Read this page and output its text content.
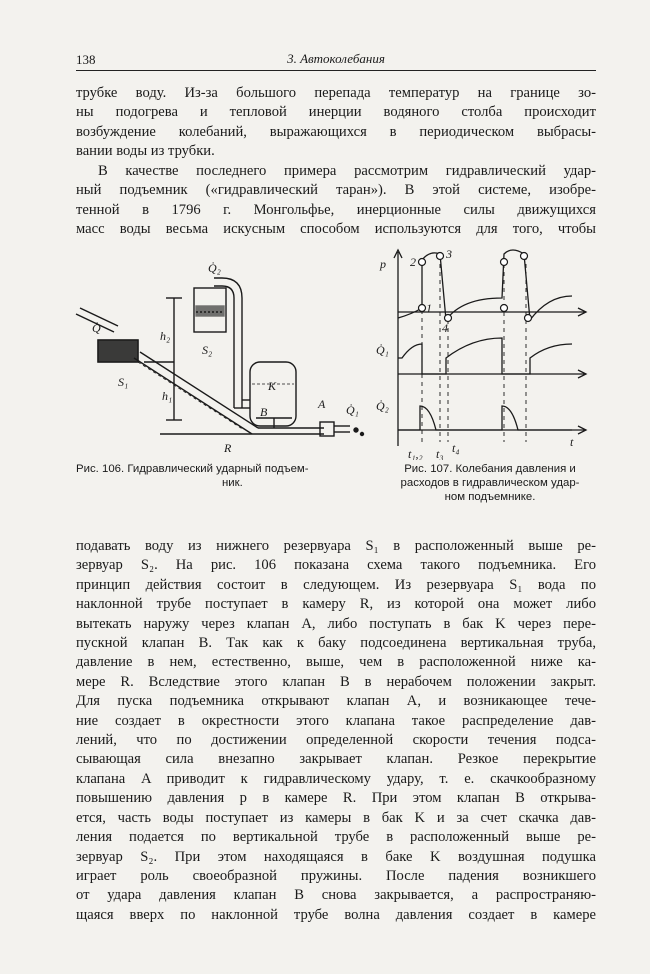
138	3. Автоколебания
трубке воду. Из-за большого перепада температур на границе зо-
ны подогрева и тепловой инерции водяного столба происходит
возбуждение колебаний, выражающихся в периодическом выбрасы-
вании воды из трубки.
В качестве последнего примера рассмотрим гидравлический удар-
ный подъемник («гидравлический таран»). В этой системе, изобре-
тенной в 1796 г. Монгольфье, инерционные силы движущихся
масс воды весьма искусным способом используются для того, чтобы
Q̇₂
Q̇
S₁
S₂
h₁
h₂
K
B
A
R
Q̇₁
p
Q̇₁
Q̇₂
t
1
2
3
4
t₁,₂ t₃ t₄
Рис. 106. Гидравлический ударный подъем-
ник.
Рис. 107. Колебания давления и
расходов в гидравлическом удар-
ном подъемнике.
подавать воду из нижнего резервуара S₁ в расположенный выше ре-
зервуар S₂. На рис. 106 показана схема такого подъемника. Его
принцип действия состоит в следующем. Из резервуара S₁ вода по
наклонной трубе поступает в камеру R, из которой она может либо
вытекать наружу через клапан A, либо поступать в бак K через пере-
пускной клапан B. Так как к баку подсоединена вертикальная труба,
давление в нем, естественно, выше, чем в расположенной ниже ка-
мере R. Вследствие этого клапан B в нерабочем положении закрыт.
Для пуска подъемника открывают клапан A, и возникающее тече-
ние создает в окрестности этого клапана такое распределение дав-
лений, что по достижении определенной скорости течения подса-
сывающая сила внезапно закрывает клапан. Резкое перекрытие
клапана A приводит к гидравлическому удару, т. е. скачкообразному
повышению давления p в камере R. При этом клапан B открыва-
ется, часть воды поступает из камеры в бак K и за счет скачка дав-
ления подается по вертикальной трубе в расположенный выше ре-
зервуар S₂. При этом находящаяся в баке K воздушная подушка
играет роль своеобразной пружины. После падения возникшего
от удара давления клапан B снова закрывается, а распространяю-
щаяся вверх по наклонной трубе волна давления создает в камере
